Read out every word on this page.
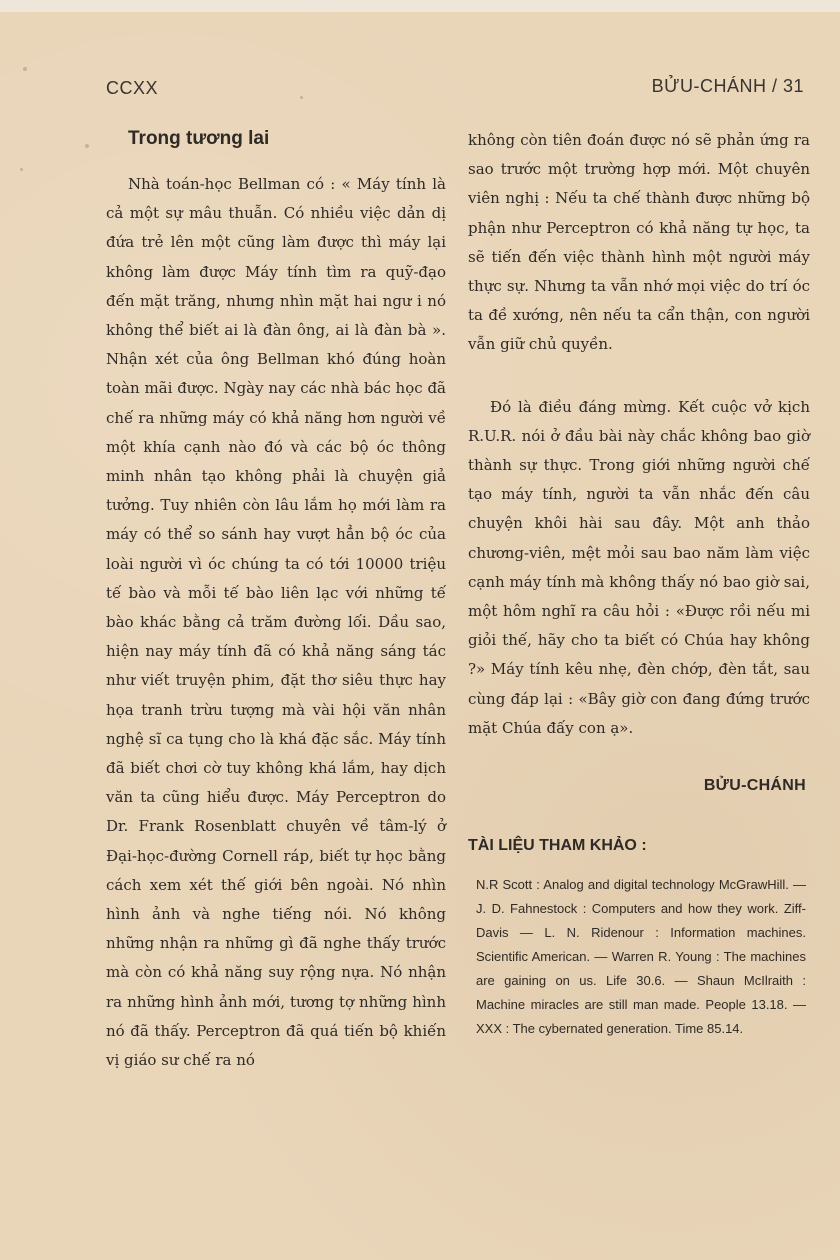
CCXX	BỬU-CHÁNH / 31
Trong tương lai

Nhà toán-học Bellman có : « Máy tính là cả một sự mâu thuẫn. Có nhiều việc dản dị đứa trẻ lên một cũng làm được thì máy lại không làm được Máy tính tìm ra quỹ-đạo đến mặt trăng, nhưng nhìn mặt hai ngư i nó không thể biết ai là đàn ông, ai là đàn bà ». Nhận xét của ông Bellman khó đúng hoàn toàn mãi được. Ngày nay các nhà bác học đã chế ra những máy có khả năng hơn người về một khía cạnh nào đó và các bộ óc thông minh nhân tạo không phải là chuyện giả tưởng. Tuy nhiên còn lâu lắm họ mới làm ra máy có thể so sánh hay vượt hẳn bộ óc của loài người vì óc chúng ta có tới 10000 triệu tế bào và mỗi tế bào liên lạc với những tế bào khác bằng cả trăm đường lối. Dầu sao, hiện nay máy tính đã có khả năng sáng tác như viết truyện phim, đặt thơ siêu thực hay họa tranh trừu tượng mà vài hội văn nhân nghệ sĩ ca tụng cho là khá đặc sắc. Máy tính đã biết chơi cờ tuy không khá lắm, hay dịch văn ta cũng hiểu được. Máy Perceptron do Dr. Frank Rosenblatt chuyên về tâm-lý ở Đại-học-đường Cornell ráp, biết tự học bằng cách xem xét thế giới bên ngoài. Nó nhìn hình ảnh và nghe tiếng nói. Nó không những nhận ra những gì đã nghe thấy trước mà còn có khả năng suy rộng nựa. Nó nhận ra những hình ảnh mới, tương tợ những hình nó đã thấy. Perceptron đã quá tiến bộ khiến vị giáo sư chế ra nó

không còn tiên đoán được nó sẽ phản ứng ra sao trước một trường hợp mới. Một chuyên viên nghị : Nếu ta chế thành được những bộ phận như Perceptron có khả năng tự học, ta sẽ tiến đến việc thành hình một người máy thực sự. Nhưng ta vẫn nhớ mọi việc do trí óc ta đề xướng, nên nếu ta cẩn thận, con người vẫn giữ chủ quyền.

Đó là điều đáng mừng. Kết cuộc vở kịch R.U.R. nói ở đầu bài này chắc không bao giờ thành sự thực. Trong giới những người chế tạo máy tính, người ta vẫn nhắc đến câu chuyện khôi hài sau đây. Một anh thảo chương-viên, mệt mỏi sau bao năm làm việc cạnh máy tính mà không thấy nó bao giờ sai, một hôm nghĩ ra câu hỏi : «Được rồi nếu mi giỏi thế, hãy cho ta biết có Chúa hay không ?» Máy tính kêu nhẹ, đèn chớp, đèn tắt, sau cùng đáp lại : «Bây giờ con đang đứng trước mặt Chúa đấy con ạ».

BỬU-CHÁNH
TÀI LIỆU THAM KHẢO :

N.R Scott : Analog and digital technology McGrawHill. — J. D. Fahnestock : Computers and how they work. Ziff-Davis — L. N. Ridenour : Information machines. Scientific American. — Warren R. Young : The machines are gaining on us. Life 30.6. — Shaun McIlraith : Machine miracles are still man made. People 13.18. — XXX : The cybernated generation. Time 85.14.
